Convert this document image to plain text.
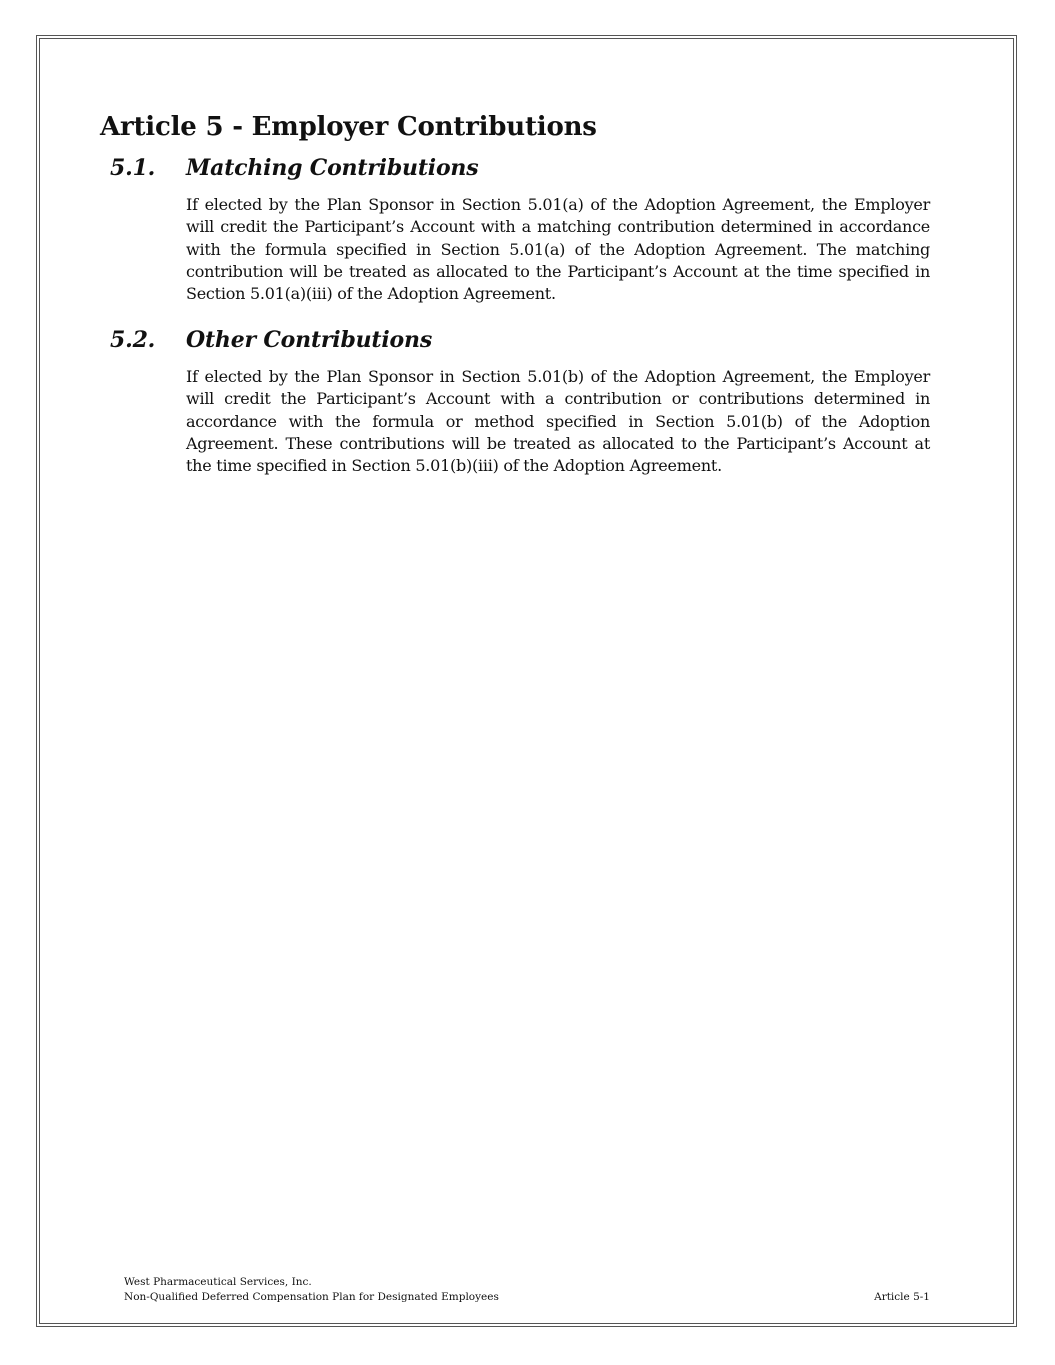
Article 5 - Employer Contributions
5.1. Matching Contributions

If elected by the Plan Sponsor in Section 5.01(a) of the Adoption Agreement, the Employer will credit the Participant’s Account with a matching contribution determined in accordance with the formula specified in Section 5.01(a) of the Adoption Agreement. The matching contribution will be treated as allocated to the Participant’s Account at the time specified in Section 5.01(a)(iii) of the Adoption Agreement.

5.2. Other Contributions

If elected by the Plan Sponsor in Section 5.01(b) of the Adoption Agreement, the Employer will credit the Participant’s Account with a contribution or contributions determined in accordance with the formula or method specified in Section 5.01(b) of the Adoption Agreement. These contributions will be treated as allocated to the Participant’s Account at the time specified in Section 5.01(b)(iii) of the Adoption Agreement.

West Pharmaceutical Services, Inc.
Non-Qualified Deferred Compensation Plan for Designated Employees	Article 5-1
